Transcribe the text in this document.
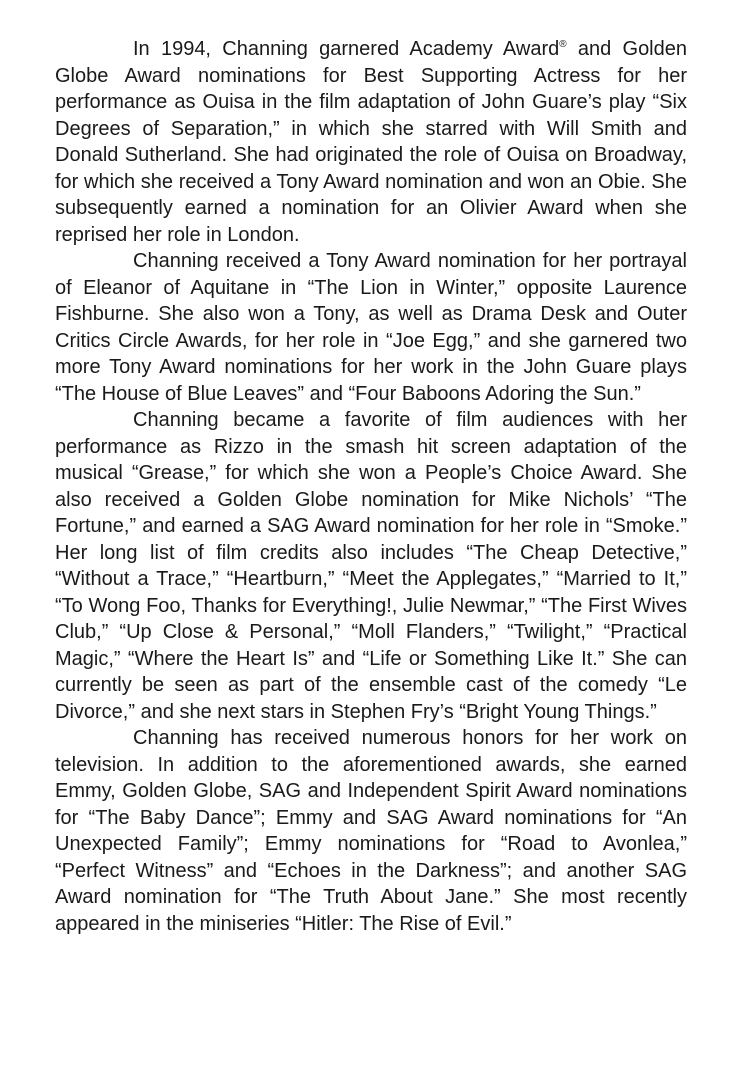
In 1994, Channing garnered Academy Award® and Golden Globe Award nominations for Best Supporting Actress for her performance as Ouisa in the film adaptation of John Guare’s play “Six Degrees of Separation,” in which she starred with Will Smith and Donald Sutherland. She had originated the role of Ouisa on Broadway, for which she received a Tony Award nomination and won an Obie. She subsequently earned a nomination for an Olivier Award when she reprised her role in London.

Channing received a Tony Award nomination for her portrayal of Eleanor of Aquitane in “The Lion in Winter,” opposite Laurence Fishburne. She also won a Tony, as well as Drama Desk and Outer Critics Circle Awards, for her role in “Joe Egg,” and she garnered two more Tony Award nominations for her work in the John Guare plays “The House of Blue Leaves” and “Four Baboons Adoring the Sun.”

Channing became a favorite of film audiences with her performance as Rizzo in the smash hit screen adaptation of the musical “Grease,” for which she won a People’s Choice Award. She also received a Golden Globe nomination for Mike Nichols’ “The Fortune,” and earned a SAG Award nomination for her role in “Smoke.” Her long list of film credits also includes “The Cheap Detective,” “Without a Trace,” “Heartburn,” “Meet the Applegates,” “Married to It,” “To Wong Foo, Thanks for Everything!, Julie Newmar,” “The First Wives Club,” “Up Close & Personal,” “Moll Flanders,” “Twilight,” “Practical Magic,” “Where the Heart Is” and “Life or Something Like It.” She can currently be seen as part of the ensemble cast of the comedy “Le Divorce,” and she next stars in Stephen Fry’s “Bright Young Things.”

Channing has received numerous honors for her work on television. In addition to the aforementioned awards, she earned Emmy, Golden Globe, SAG and Independent Spirit Award nominations for “The Baby Dance”; Emmy and SAG Award nominations for “An Unexpected Family”; Emmy nominations for “Road to Avonlea,” “Perfect Witness” and “Echoes in the Darkness”; and another SAG Award nomination for “The Truth About Jane.” She most recently appeared in the miniseries “Hitler: The Rise of Evil.”
